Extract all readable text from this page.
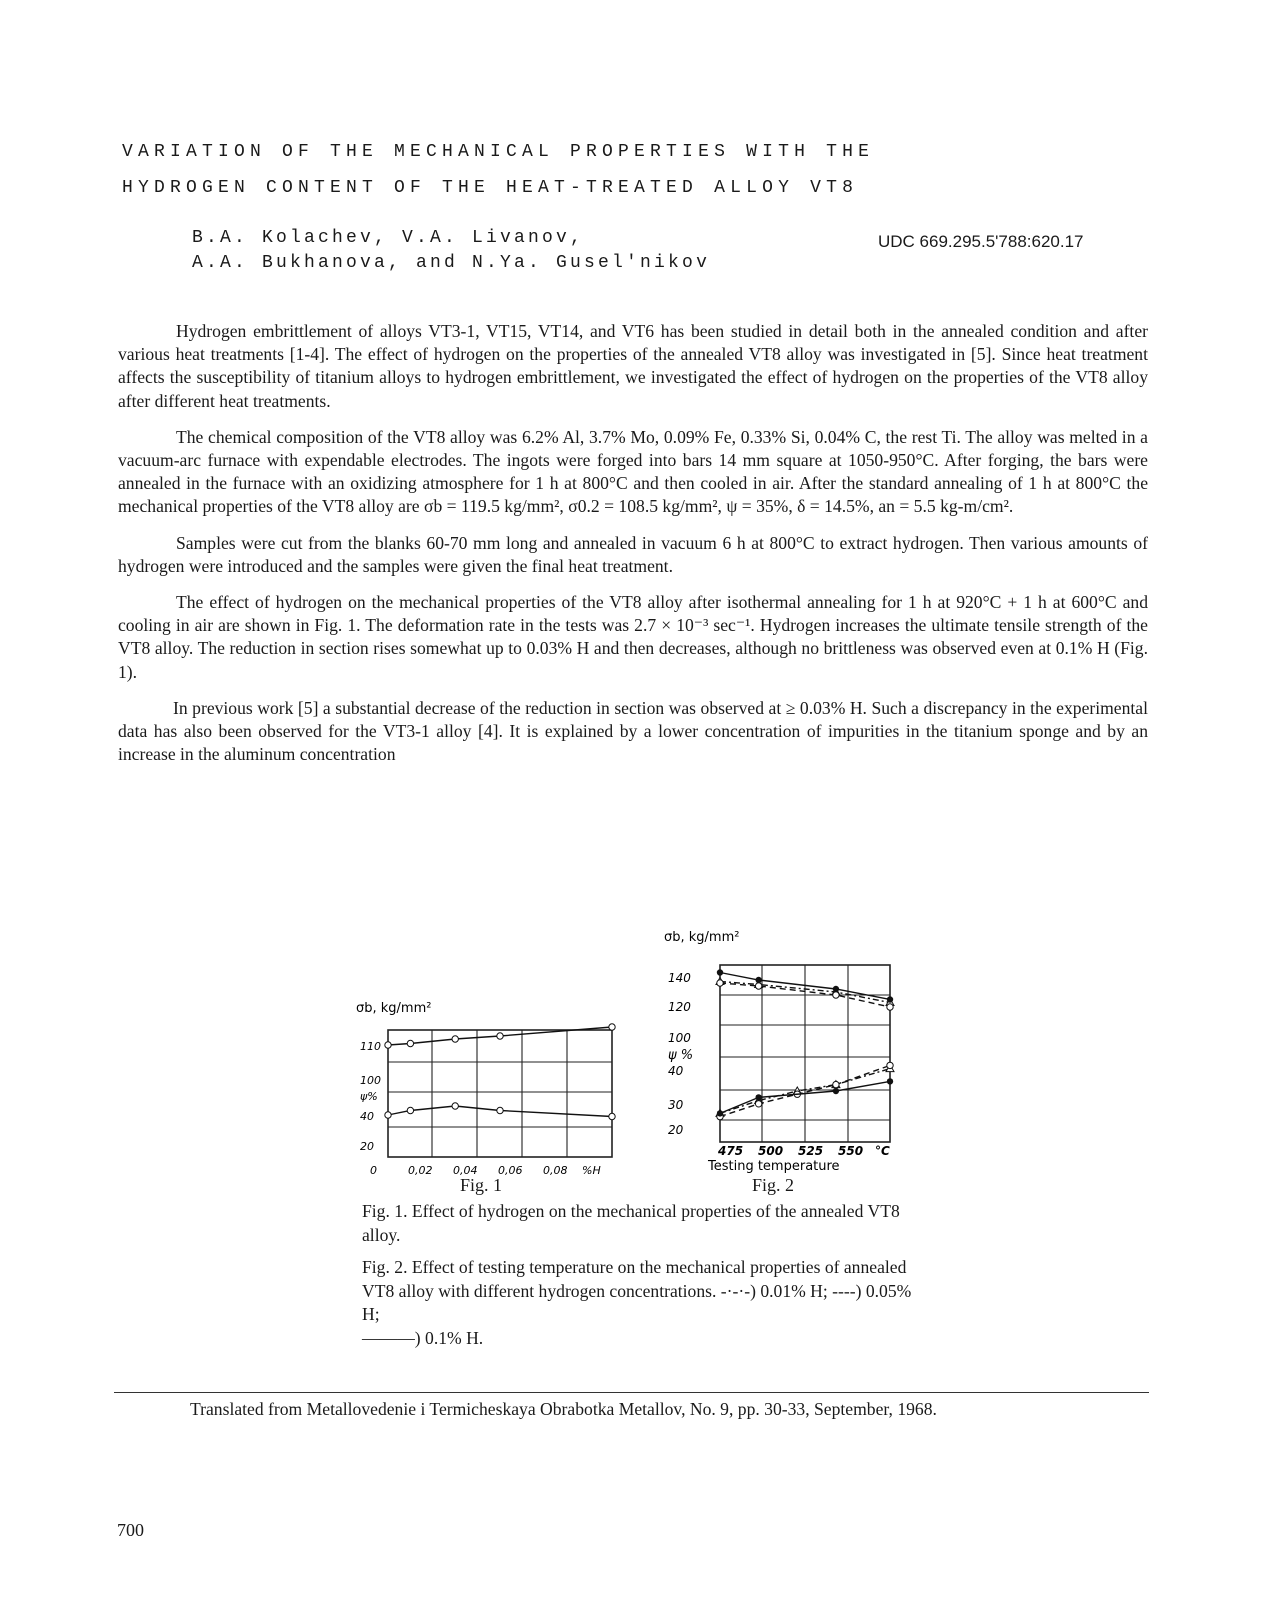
VARIATION OF THE MECHANICAL PROPERTIES WITH THE
HYDROGEN CONTENT OF THE HEAT-TREATED ALLOY VT8
B.A. Kolachev, V.A. Livanov,
A.A. Bukhanova, and N.Ya. Gusel'nikov
UDC 669.295.5'788:620.17

Hydrogen embrittlement of alloys VT3-1, VT15, VT14, and VT6 has been studied in detail both in the annealed condition and after various heat treatments [1-4]. The effect of hydrogen on the properties of the annealed VT8 alloy was investigated in [5]. Since heat treatment affects the susceptibility of titanium alloys to hydrogen embrittlement, we investigated the effect of hydrogen on the properties of the VT8 alloy after different heat treatments.

The chemical composition of the VT8 alloy was 6.2% Al, 3.7% Mo, 0.09% Fe, 0.33% Si, 0.04% C, the rest Ti. The alloy was melted in a vacuum-arc furnace with expendable electrodes. The ingots were forged into bars 14 mm square at 1050-950°C. After forging, the bars were annealed in the furnace with an oxidizing atmosphere for 1 h at 800°C and then cooled in air. After the standard annealing of 1 h at 800°C the mechanical properties of the VT8 alloy are σb = 119.5 kg/mm², σ0.2 = 108.5 kg/mm², ψ = 35%, δ = 14.5%, an = 5.5 kg-m/cm².

Samples were cut from the blanks 60-70 mm long and annealed in vacuum 6 h at 800°C to extract hydrogen. Then various amounts of hydrogen were introduced and the samples were given the final heat treatment.

The effect of hydrogen on the mechanical properties of the VT8 alloy after isothermal annealing for 1 h at 920°C + 1 h at 600°C and cooling in air are shown in Fig. 1. The deformation rate in the tests was 2.7 × 10⁻³ sec⁻¹. Hydrogen increases the ultimate tensile strength of the VT8 alloy. The reduction in section rises somewhat up to 0.03% H and then decreases, although no brittleness was observed even at 0.1% H (Fig. 1).

In previous work [5] a substantial decrease of the reduction in section was observed at ≥ 0.03% H. Such a discrepancy in the experimental data has also been observed for the VT3-1 alloy [4]. It is explained by a lower concentration of impurities in the titanium sponge and by an increase in the aluminum concentration

σb, kg/mm²
110
100
ψ%
40
20
0	0,02 0,04 0,06 0,08 %H
Fig. 1
σb, kg/mm²
140
120
100
ψ %
40
30
20
475 500 525 550 °C
Testing temperature
Fig. 2

Fig. 1. Effect of hydrogen on the mechanical properties of the annealed VT8 alloy.

Fig. 2. Effect of testing temperature on the mechanical properties of annealed VT8 alloy with different hydrogen concentrations. -·-·-) 0.01% H; ----) 0.05% H;

———) 0.1% H.

Translated from Metallovedenie i Termicheskaya Obrabotka Metallov, No. 9, pp. 30-33, September, 1968.
700
